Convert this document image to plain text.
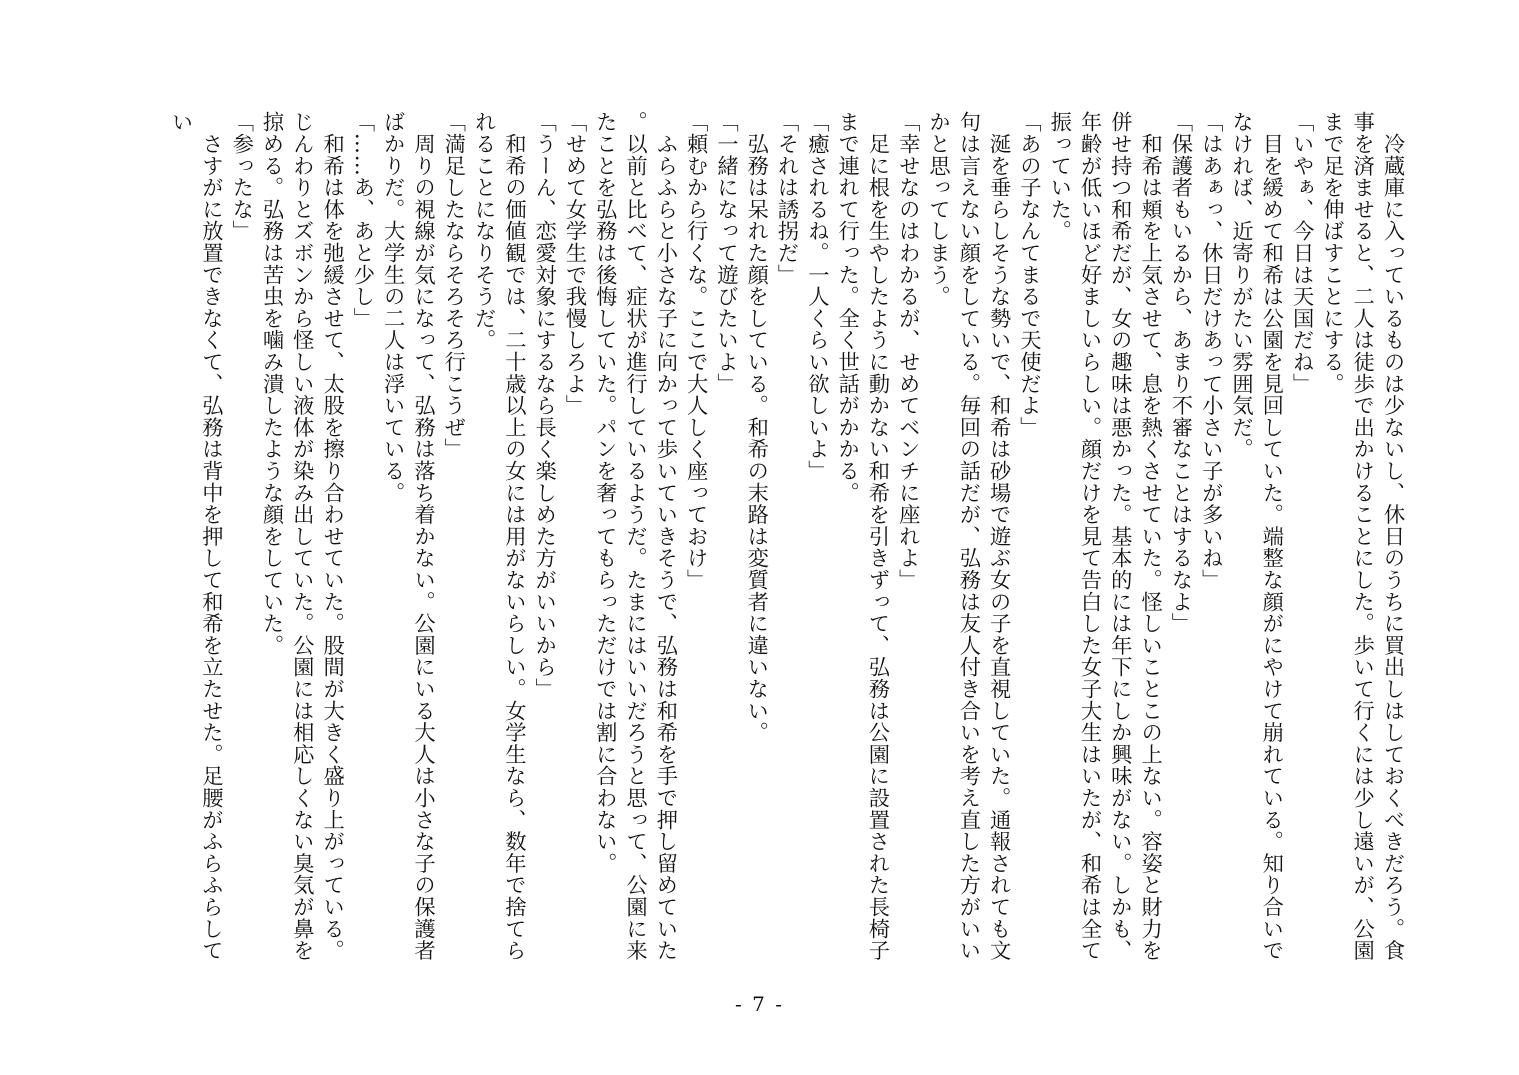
　冷蔵庫に入っているものは少ないし、休日のうちに買出しはしておくべきだろう。食事を済ませると、二人は徒歩で出かけることにした。歩いて行くには少し遠いが、公園まで足を伸ばすことにする。

「いやぁ、今日は天国だね」

　目を緩めて和希は公園を見回していた。端整な顔がにやけて崩れている。知り合いでなければ、近寄りがたい雰囲気だ。

「はあぁっ、休日だけあって小さい子が多いね」

「保護者もいるから、あまり不審なことはするなよ」

　和希は頬を上気させて、息を熱くさせていた。怪しいことこの上ない。容姿と財力を併せ持つ和希だが、女の趣味は悪かった。基本的には年下にしか興味がない。しかも、年齢が低いほど好ましいらしい。顔だけを見て告白した女子大生はいたが、和希は全て振っていた。

「あの子なんてまるで天使だよ」

　涎を垂らしそうな勢いで、和希は砂場で遊ぶ女の子を直視していた。通報されても文句は言えない顔をしている。毎回の話だが、弘務は友人付き合いを考え直した方がいいかと思ってしまう。

「幸せなのはわかるが、せめてベンチに座れよ」

　足に根を生やしたように動かない和希を引きずって、弘務は公園に設置された長椅子まで連れて行った。全く世話がかかる。

「癒されるね。一人くらい欲しいよ」

「それは誘拐だ」

　弘務は呆れた顔をしている。和希の末路は変質者に違いない。

「一緒になって遊びたいよ」

「頼むから行くな。ここで大人しく座っておけ」

　ふらふらと小さな子に向かって歩いていきそうで、弘務は和希を手で押し留めていた。以前と比べて、症状が進行しているようだ。たまにはいいだろうと思って、公園に来たことを弘務は後悔していた。パンを奢ってもらっただけでは割に合わない。

「せめて女学生で我慢しろよ」

「うーん、恋愛対象にするなら長く楽しめた方がいいから」

　和希の価値観では、二十歳以上の女には用がないらしい。女学生なら、数年で捨てられることになりそうだ。

「満足したならそろそろ行こうぜ」

　周りの視線が気になって、弘務は落ち着かない。公園にいる大人は小さな子の保護者ばかりだ。大学生の二人は浮いている。

「……あ、あと少し」

　和希は体を弛緩させて、太股を擦り合わせていた。股間が大きく盛り上がっている。じんわりとズボンから怪しい液体が染み出していた。公園には相応しくない臭気が鼻を掠める。弘務は苦虫を噛み潰したような顔をしていた。

「参ったな」

　さすがに放置できなくて、弘務は背中を押して和希を立たせた。足腰がふらふらしてい

- 7 -
